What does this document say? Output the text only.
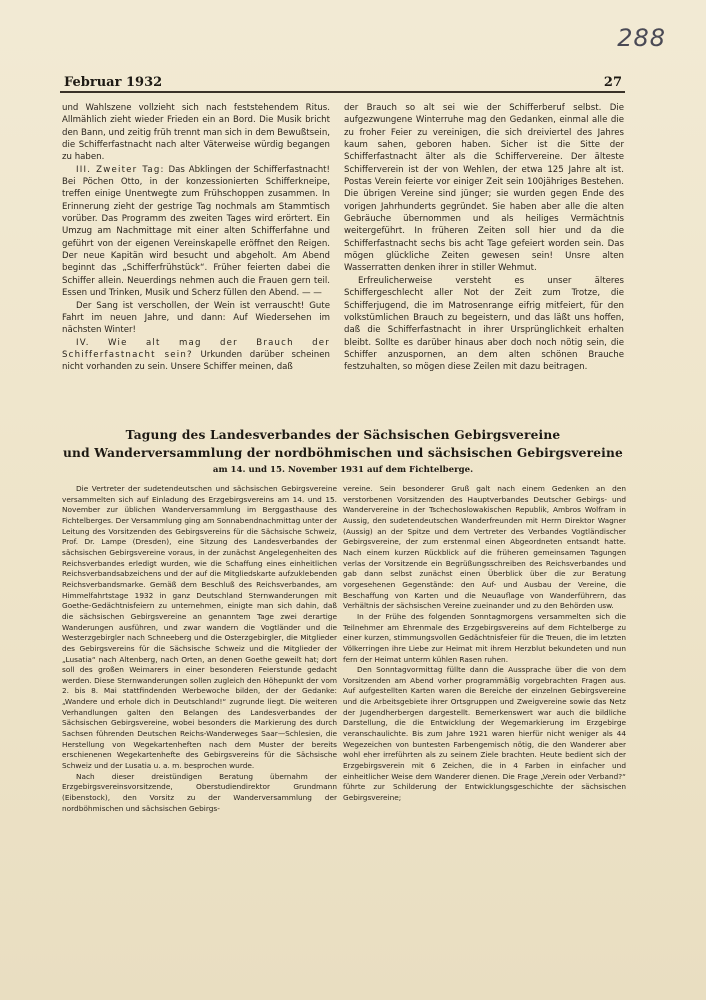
288
Februar 1932	27

und Wahlszene vollzieht sich nach feststehendem Ritus. Allmählich zieht wieder Frieden ein an Bord. Die Musik bricht den Bann, und zeitig früh trennt man sich in dem Bewußtsein, die Schifferfastnacht nach alter Väterweise würdig begangen zu haben.

III. Zweiter Tag: Das Abklingen der Schifferfastnacht! Bei Pöchen Otto, in der konzessionierten Schifferkneipe, treffen einige Unentwegte zum Frühschoppen zusammen. In Erinnerung zieht der gestrige Tag nochmals am Stammtisch vorüber. Das Programm des zweiten Tages wird erörtert. Ein Umzug am Nachmittage mit einer alten Schifferfahne und geführt von der eigenen Vereinskapelle eröffnet den Reigen. Der neue Kapitän wird besucht und abgeholt. Am Abend beginnt das „Schifferfrühstück“. Früher feierten dabei die Schiffer allein. Neuerdings nehmen auch die Frauen gern teil. Essen und Trinken, Musik und Scherz füllen den Abend. — —

Der Sang ist verschollen, der Wein ist verrauscht! Gute Fahrt im neuen Jahre, und dann: Auf Wiedersehen im nächsten Winter!

IV. Wie alt mag der Brauch der Schifferfastnacht sein? Urkunden darüber scheinen nicht vorhanden zu sein. Unsere Schiffer meinen, daß

der Brauch so alt sei wie der Schifferberuf selbst. Die aufgezwungene Winterruhe mag den Gedanken, einmal alle die zu froher Feier zu vereinigen, die sich dreiviertel des Jahres kaum sahen, geboren haben. Sicher ist die Sitte der Schifferfastnacht älter als die Schiffervereine. Der älteste Schifferverein ist der von Wehlen, der etwa 125 Jahre alt ist. Postas Verein feierte vor einiger Zeit sein 100jähriges Bestehen. Die übrigen Vereine sind jünger; sie wurden gegen Ende des vorigen Jahrhunderts gegründet. Sie haben aber alle die alten Gebräuche übernommen und als heiliges Vermächtnis weitergeführt. In früheren Zeiten soll hier und da die Schifferfastnacht sechs bis acht Tage gefeiert worden sein. Das mögen glückliche Zeiten gewesen sein! Unsre alten Wasserratten denken ihrer in stiller Wehmut.

Erfreulicherweise versteht es unser älteres Schiffergeschlecht aller Not der Zeit zum Trotze, die Schifferjugend, die im Matrosenrange eifrig mitfeiert, für den volkstümlichen Brauch zu begeistern, und das läßt uns hoffen, daß die Schifferfastnacht in ihrer Ursprünglichkeit erhalten bleibt. Sollte es darüber hinaus aber doch noch nötig sein, die Schiffer anzuspornen, an dem alten schönen Brauche festzuhalten, so mögen diese Zeilen mit dazu beitragen.

Tagung des Landesverbandes der Sächsischen Gebirgsvereine
und Wanderversammlung der nordböhmischen und sächsischen Gebirgsvereine
am 14. und 15. November 1931 auf dem Fichtelberge.

Die Vertreter der sudetendeutschen und sächsischen Gebirgsvereine versammelten sich auf Einladung des Erzgebirgsvereins am 14. und 15. November zur üblichen Wanderversammlung im Berggasthause des Fichtelberges. Der Versammlung ging am Sonnabendnachmittag unter der Leitung des Vorsitzenden des Gebirgsvereins für die Sächsische Schweiz, Prof. Dr. Lampe (Dresden), eine Sitzung des Landesverbandes der sächsischen Gebirgsvereine voraus, in der zunächst Angelegenheiten des Reichsverbandes erledigt wurden, wie die Schaffung eines einheitlichen Reichsverbandsabzeichens und der auf die Mitgliedskarte aufzuklebenden Reichsverbandsmarke. Gemäß dem Beschluß des Reichsverbandes, am Himmelfahrtstage 1932 in ganz Deutschland Sternwanderungen mit Goethe-Gedächtnisfeiern zu unternehmen, einigte man sich dahin, daß die sächsischen Gebirgsvereine an genanntem Tage zwei derartige Wanderungen ausführen, und zwar wandern die Vogtländer und die Westerzgebirgler nach Schneeberg und die Osterzgebirgler, die Mitglieder des Gebirgsvereins für die Sächsische Schweiz und die Mitglieder der „Lusatia“ nach Altenberg, nach Orten, an denen Goethe geweilt hat; dort soll des großen Weimarers in einer besonderen Feierstunde gedacht werden. Diese Sternwanderungen sollen zugleich den Höhepunkt der vom 2. bis 8. Mai stattfindenden Werbewoche bilden, der der Gedanke: „Wandere und erhole dich in Deutschland!“ zugrunde liegt. Die weiteren Verhandlungen galten den Belangen des Landesverbandes der Sächsischen Gebirgsvereine, wobei besonders die Markierung des durch Sachsen führenden Deutschen Reichs-Wanderweges Saar—Schlesien, die Herstellung von Wegekartenheften nach dem Muster der bereits erschienenen Wegekartenhefte des Gebirgsvereins für die Sächsische Schweiz und der Lusatia u. a. m. besprochen wurde.

Nach dieser dreistündigen Beratung übernahm der Erzgebirgsvereinsvorsitzende, Oberstudiendirektor Grundmann (Eibenstock), den Vorsitz zu der Wanderversammlung der nordböhmischen und sächsischen Gebirgs-

vereine. Sein besonderer Gruß galt nach einem Gedenken an den verstorbenen Vorsitzenden des Hauptverbandes Deutscher Gebirgs- und Wandervereine in der Tschechoslowakischen Republik, Ambros Wolfram in Aussig, den sudetendeutschen Wanderfreunden mit Herrn Direktor Wagner (Aussig) an der Spitze und dem Vertreter des Verbandes Vogtländischer Gebirgsvereine, der zum erstenmal einen Abgeordneten entsandt hatte. Nach einem kurzen Rückblick auf die früheren gemeinsamen Tagungen verlas der Vorsitzende ein Begrüßungsschreiben des Reichsverbandes und gab dann selbst zunächst einen Überblick über die zur Beratung vorgesehenen Gegenstände: den Auf- und Ausbau der Vereine, die Beschaffung von Karten und die Neuauflage von Wanderführern, das Verhältnis der sächsischen Vereine zueinander und zu den Behörden usw.

In der Frühe des folgenden Sonntagmorgens versammelten sich die Teilnehmer am Ehrenmale des Erzgebirgsvereins auf dem Fichtelberge zu einer kurzen, stimmungsvollen Gedächtnisfeier für die Treuen, die im letzten Völkerringen ihre Liebe zur Heimat mit ihrem Herzblut bekundeten und nun fern der Heimat unterm kühlen Rasen ruhen.

Den Sonntagvormittag füllte dann die Aussprache über die von dem Vorsitzenden am Abend vorher programmäßig vorgebrachten Fragen aus. Auf aufgestellten Karten waren die Bereiche der einzelnen Gebirgsvereine und die Arbeitsgebiete ihrer Ortsgruppen und Zweigvereine sowie das Netz der Jugendherbergen dargestellt. Bemerkenswert war auch die bildliche Darstellung, die die Entwicklung der Wegemarkierung im Erzgebirge veranschaulichte. Bis zum Jahre 1921 waren hierfür nicht weniger als 44 Wegezeichen von buntesten Farbengemisch nötig, die den Wanderer aber wohl eher irreführten als zu seinem Ziele brachten. Heute bedient sich der Erzgebirgsverein mit 6 Zeichen, die in 4 Farben in einfacher und einheitlicher Weise dem Wanderer dienen. Die Frage „Verein oder Verband?“ führte zur Schilderung der Entwicklungsgeschichte der sächsischen Gebirgsvereine;
